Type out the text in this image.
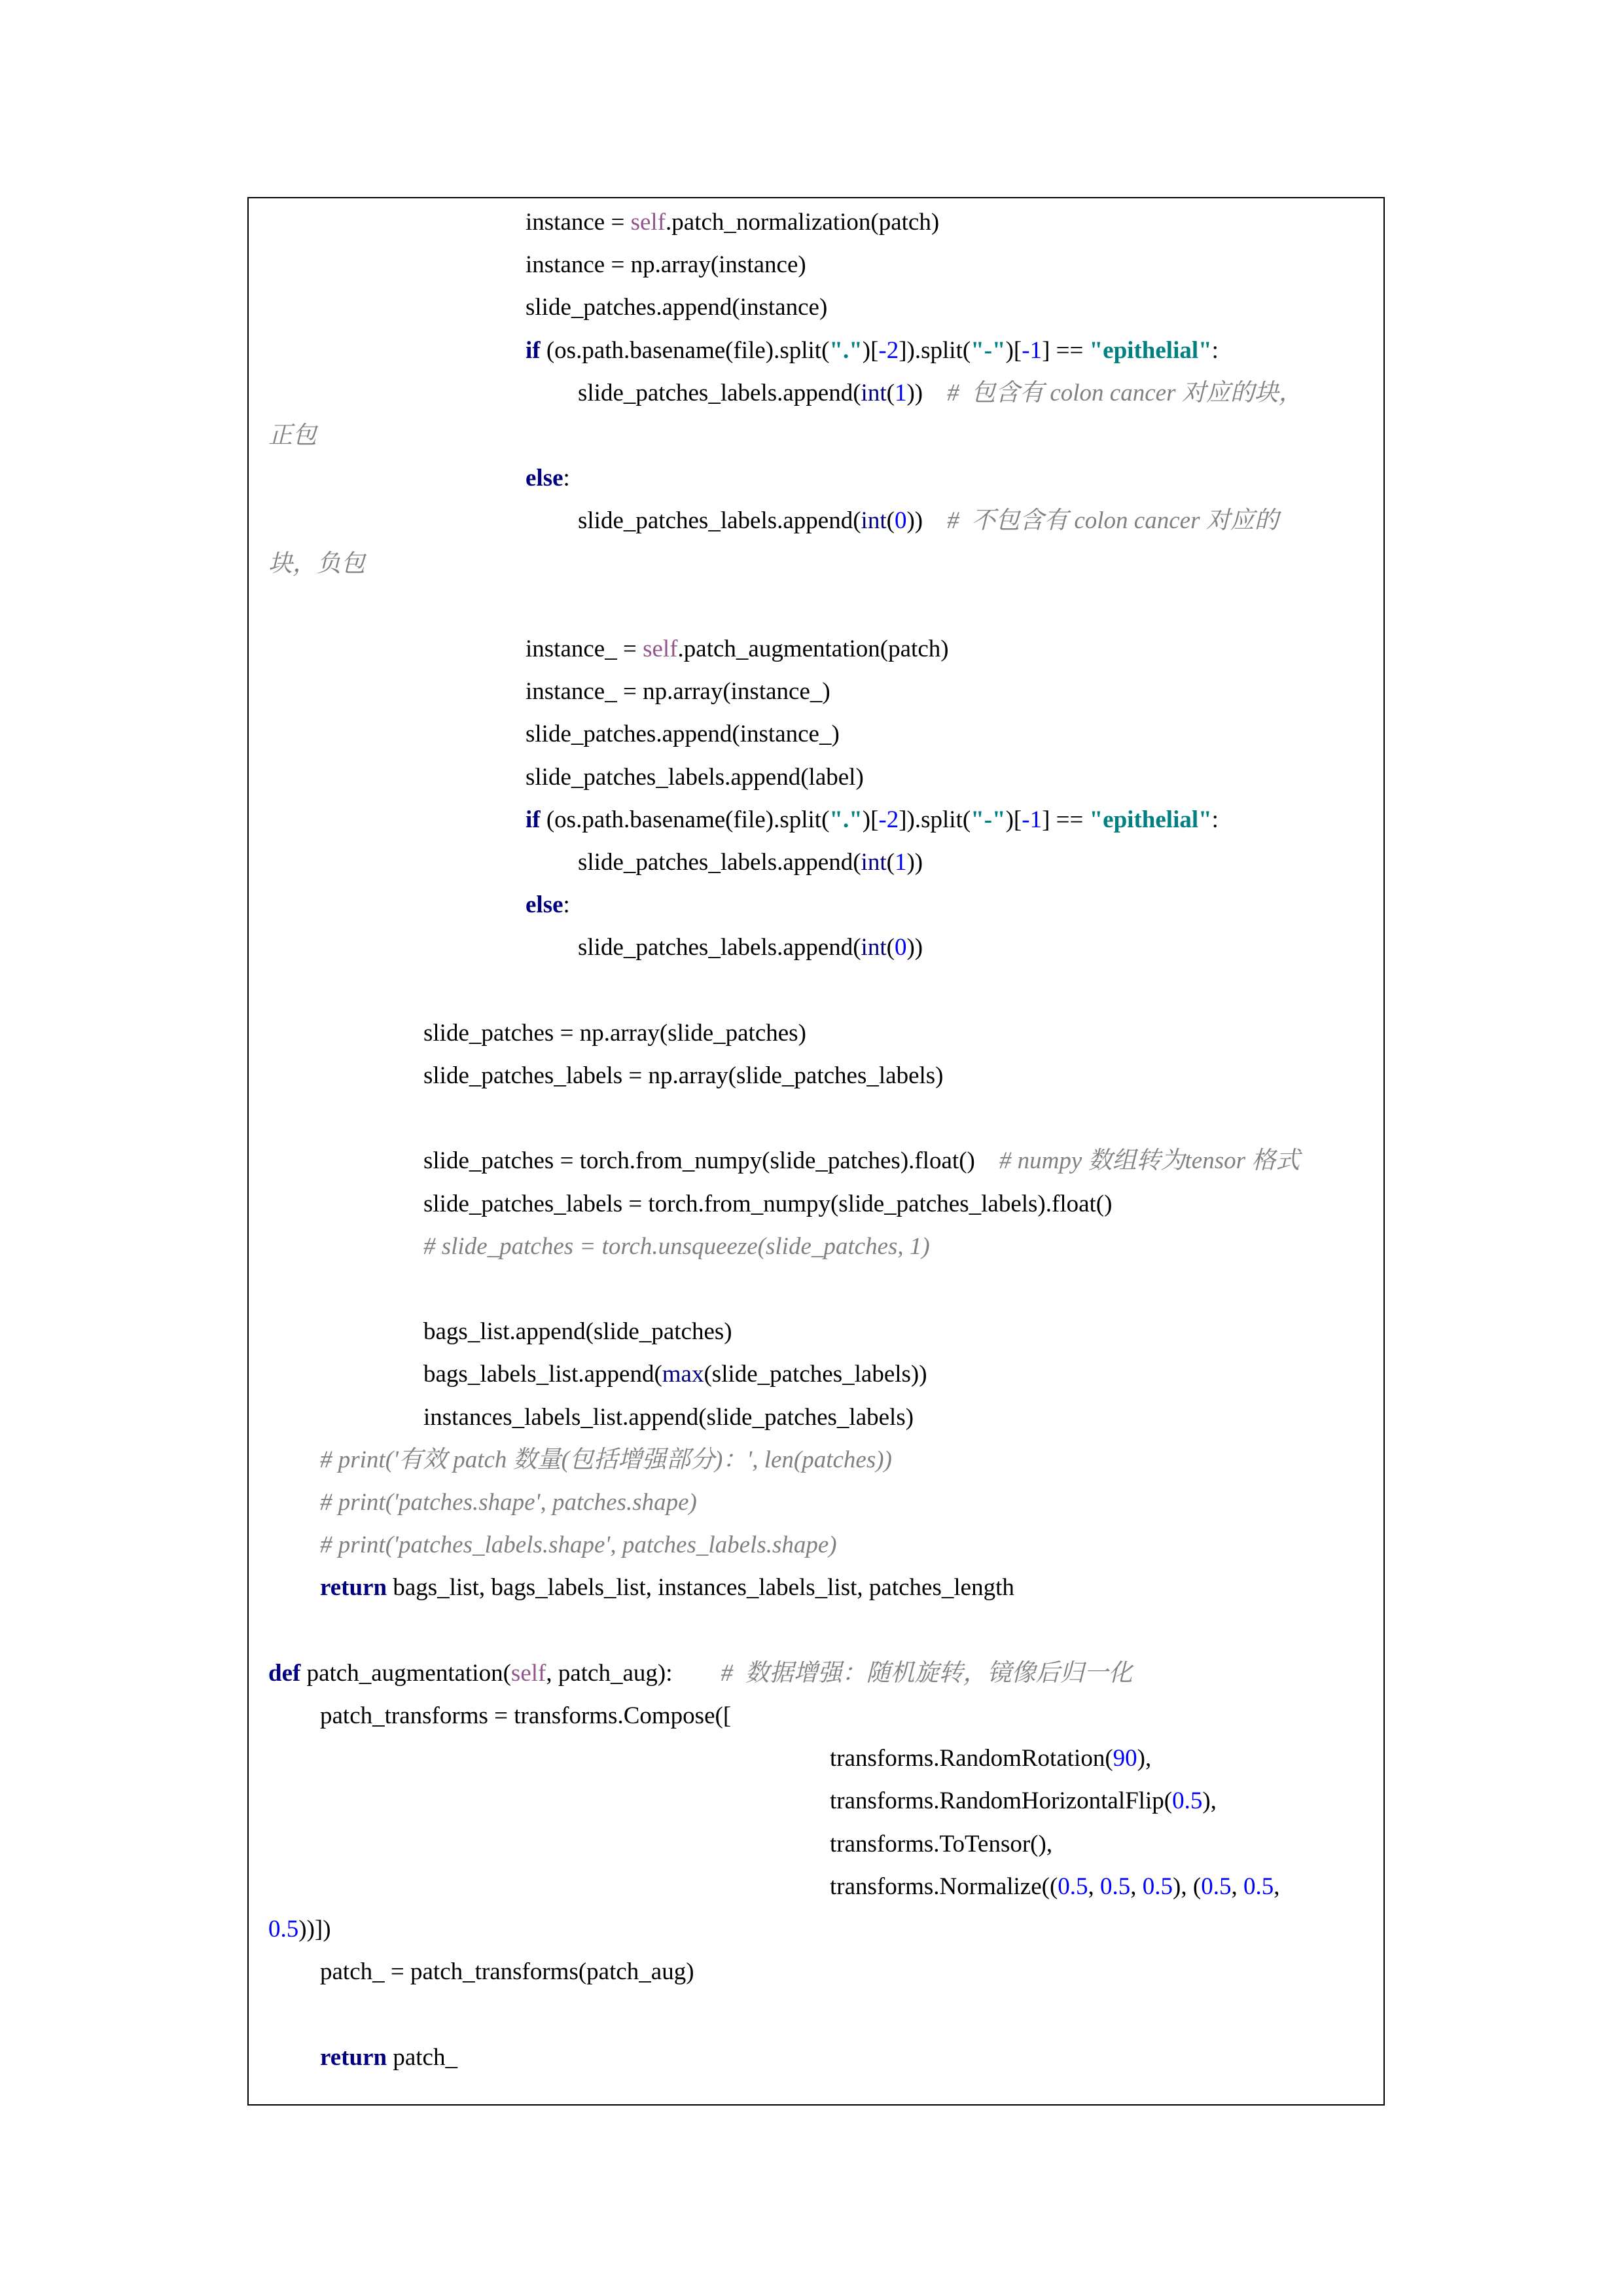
instance = self.patch_normalization(patch)
instance = np.array(instance)
slide_patches.append(instance)
if (os.path.basename(file).split(".")[-2]).split("-")[-1] == "epithelial":
slide_patches_labels.append(int(1))    #  包含有 colon cancer 对应的块，
正包
else:
slide_patches_labels.append(int(0))    #  不包含有 colon cancer 对应的
块，负包
instance_ = self.patch_augmentation(patch)
instance_ = np.array(instance_)
slide_patches.append(instance_)
slide_patches_labels.append(label)
if (os.path.basename(file).split(".")[-2]).split("-")[-1] == "epithelial":
slide_patches_labels.append(int(1))
else:
slide_patches_labels.append(int(0))
slide_patches = np.array(slide_patches)
slide_patches_labels = np.array(slide_patches_labels)
slide_patches = torch.from_numpy(slide_patches).float()    # numpy 数组转为tensor 格式
slide_patches_labels = torch.from_numpy(slide_patches_labels).float()
# slide_patches = torch.unsqueeze(slide_patches, 1)
bags_list.append(slide_patches)
bags_labels_list.append(max(slide_patches_labels))
instances_labels_list.append(slide_patches_labels)
# print('有效 patch 数量(包括增强部分)：', len(patches))
# print('patches.shape', patches.shape)
# print('patches_labels.shape', patches_labels.shape)
return bags_list, bags_labels_list, instances_labels_list, patches_length
def patch_augmentation(self, patch_aug):        #  数据增强：随机旋转，镜像后归一化
patch_transforms = transforms.Compose([
transforms.RandomRotation(90),
transforms.RandomHorizontalFlip(0.5),
transforms.ToTensor(),
transforms.Normalize((0.5, 0.5, 0.5), (0.5, 0.5,
0.5))])
patch_ = patch_transforms(patch_aug)
return patch_
